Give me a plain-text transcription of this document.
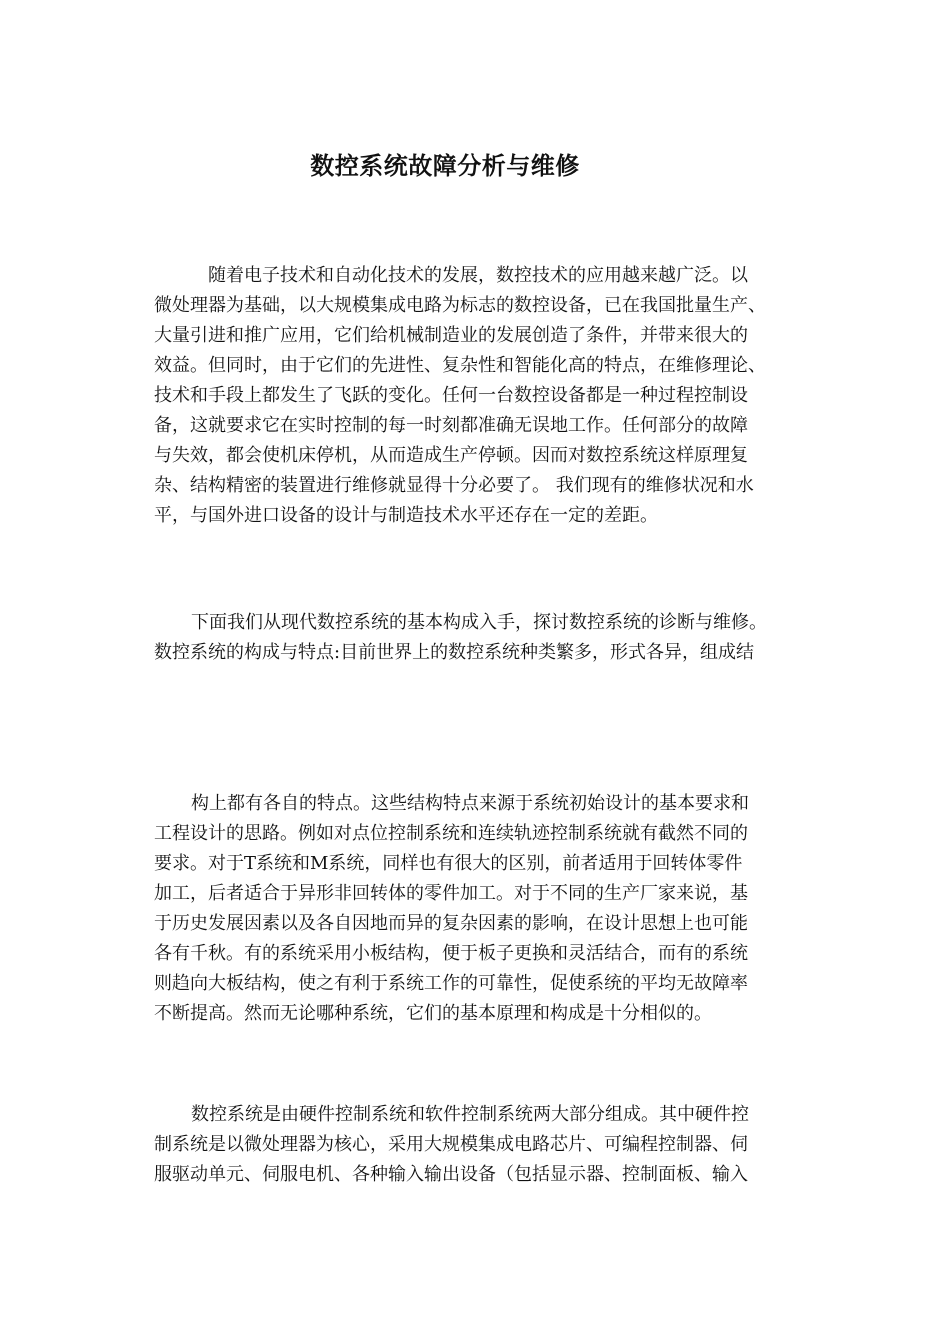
数控系统故障分析与维修

随着电子技术和自动化技术的发展，数控技术的应用越来越广泛。以
微处理器为基础，以大规模集成电路为标志的数控设备，已在我国批量生产、
大量引进和推广应用，它们给机械制造业的发展创造了条件，并带来很大的
效益。但同时，由于它们的先进性、复杂性和智能化高的特点，在维修理论、
技术和手段上都发生了飞跃的变化。任何一台数控设备都是一种过程控制设
备，这就要求它在实时控制的每一时刻都准确无误地工作。任何部分的故障
与失效，都会使机床停机，从而造成生产停顿。因而对数控系统这样原理复
杂、结构精密的装置进行维修就显得十分必要了。 我们现有的维修状况和水
平，与国外进口设备的设计与制造技术水平还存在一定的差距。

下面我们从现代数控系统的基本构成入手，探讨数控系统的诊断与维修。
数控系统的构成与特点:目前世界上的数控系统种类繁多，形式各异，组成结

构上都有各自的特点。这些结构特点来源于系统初始设计的基本要求和
工程设计的思路。例如对点位控制系统和连续轨迹控制系统就有截然不同的
要求。对于T系统和M系统，同样也有很大的区别，前者适用于回转体零件
加工，后者适合于异形非回转体的零件加工。对于不同的生产厂家来说，基
于历史发展因素以及各自因地而异的复杂因素的影响，在设计思想上也可能
各有千秋。有的系统采用小板结构，便于板子更换和灵活结合，而有的系统
则趋向大板结构，使之有利于系统工作的可靠性，促使系统的平均无故障率
不断提高。然而无论哪种系统，它们的基本原理和构成是十分相似的。

数控系统是由硬件控制系统和软件控制系统两大部分组成。其中硬件控
制系统是以微处理器为核心，采用大规模集成电路芯片、可编程控制器、伺
服驱动单元、伺服电机、各种输入输出设备（包括显示器、控制面板、输入
